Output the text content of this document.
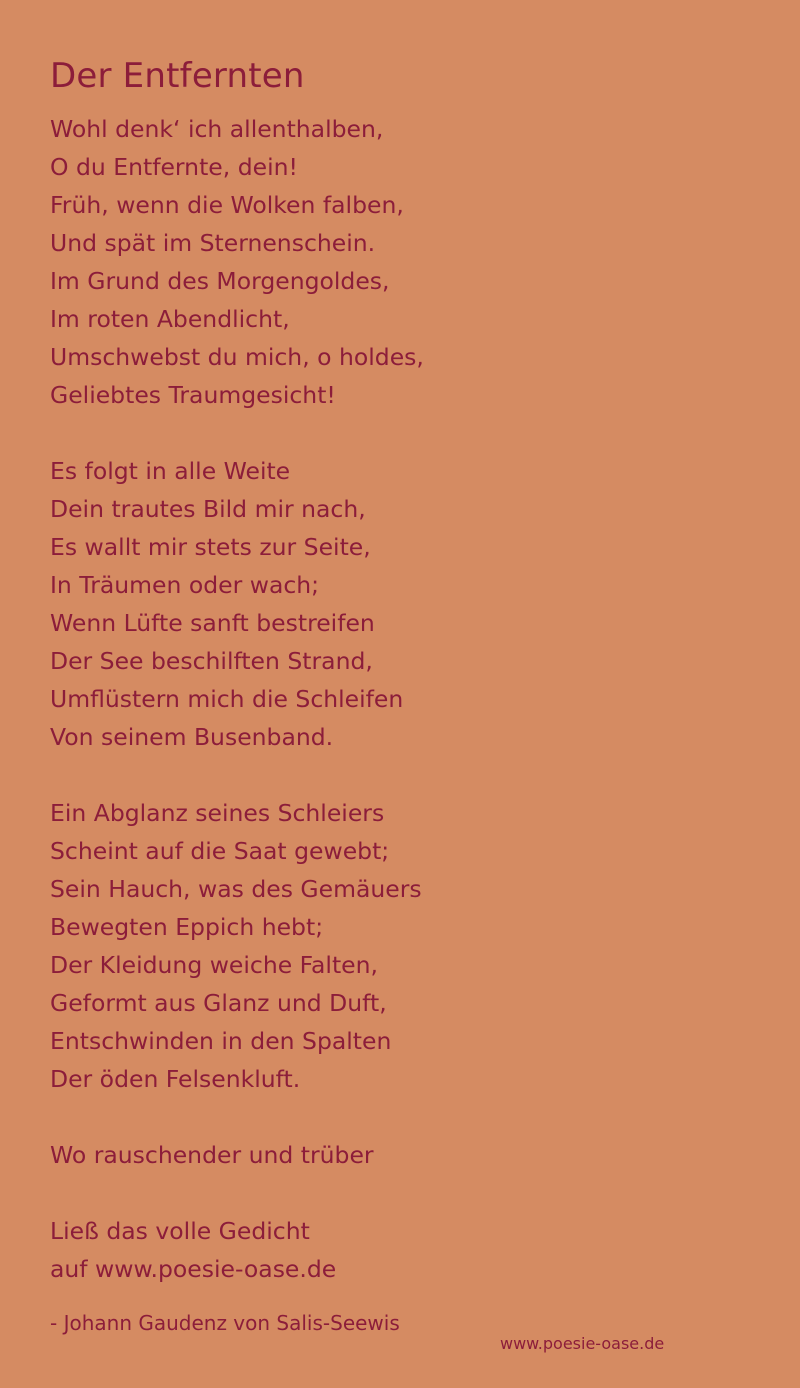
Der Entfernten
Wohl denk‘ ich allenthalben,
O du Entfernte, dein!
Früh, wenn die Wolken falben,
Und spät im Sternenschein.
Im Grund des Morgengoldes,
Im roten Abendlicht,
Umschwebst du mich, o holdes,
Geliebtes Traumgesicht!
Es folgt in alle Weite
Dein trautes Bild mir nach,
Es wallt mir stets zur Seite,
In Träumen oder wach;
Wenn Lüfte sanft bestreifen
Der See beschilften Strand,
Umflüstern mich die Schleifen
Von seinem Busenband.
Ein Abglanz seines Schleiers
Scheint auf die Saat gewebt;
Sein Hauch, was des Gemäuers
Bewegten Eppich hebt;
Der Kleidung weiche Falten,
Geformt aus Glanz und Duft,
Entschwinden in den Spalten
Der öden Felsenkluft.
Wo rauschender und trüber
Ließ das volle Gedicht
auf www.poesie-oase.de
- Johann Gaudenz von Salis-Seewis
www.poesie-oase.de
